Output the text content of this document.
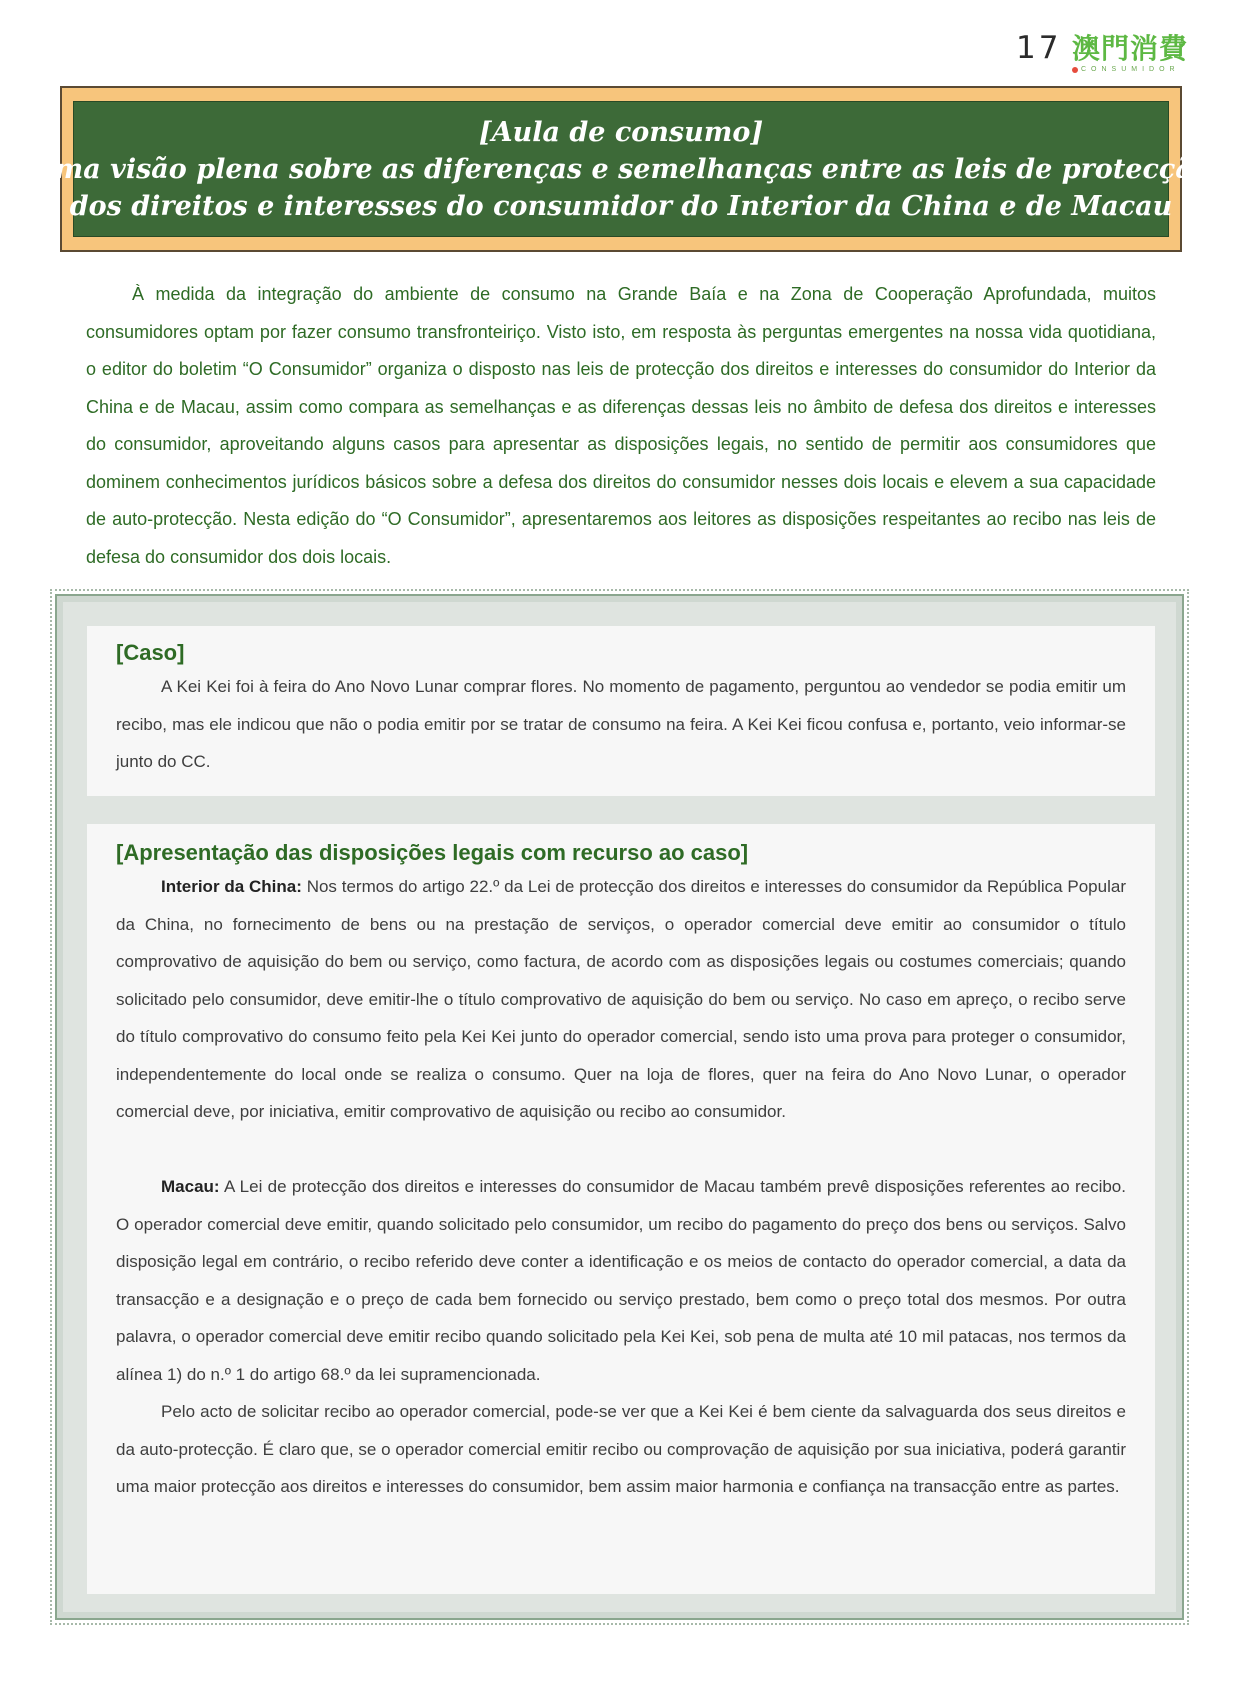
17 澳門消費
CONSUMIDOR
[Aula de consumo]
Uma visão plena sobre as diferenças e semelhanças entre as leis de protecção
dos direitos e interesses do consumidor do Interior da China e de Macau

À medida da integração do ambiente de consumo na Grande Baía e na Zona de Cooperação Aprofundada, muitos consumidores optam por fazer consumo transfronteiriço. Visto isto, em resposta às perguntas emergentes na nossa vida quotidiana, o editor do boletim “O Consumidor” organiza o disposto nas leis de protecção dos direitos e interesses do consumidor do Interior da China e de Macau, assim como compara as semelhanças e as diferenças dessas leis no âmbito de defesa dos direitos e interesses do consumidor, aproveitando alguns casos para apresentar as disposições legais, no sentido de permitir aos consumidores que dominem conhecimentos jurídicos básicos sobre a defesa dos direitos do consumidor nesses dois locais e elevem a sua capacidade de auto-protecção. Nesta edição do “O Consumidor”, apresentaremos aos leitores as disposições respeitantes ao recibo nas leis de defesa do consumidor dos dois locais.

[Caso]

A Kei Kei foi à feira do Ano Novo Lunar comprar flores. No momento de pagamento, perguntou ao vendedor se podia emitir um recibo, mas ele indicou que não o podia emitir por se tratar de consumo na feira. A Kei Kei ficou confusa e, portanto, veio informar-se junto do CC.

[Apresentação das disposições legais com recurso ao caso]

Interior da China: Nos termos do artigo 22.º da Lei de protecção dos direitos e interesses do consumidor da República Popular da China, no fornecimento de bens ou na prestação de serviços, o operador comercial deve emitir ao consumidor o título comprovativo de aquisição do bem ou serviço, como factura, de acordo com as disposições legais ou costumes comerciais; quando solicitado pelo consumidor, deve emitir-lhe o título comprovativo de aquisição do bem ou serviço. No caso em apreço, o recibo serve do título comprovativo do consumo feito pela Kei Kei junto do operador comercial, sendo isto uma prova para proteger o consumidor, independentemente do local onde se realiza o consumo. Quer na loja de flores, quer na feira do Ano Novo Lunar, o operador comercial deve, por iniciativa, emitir comprovativo de aquisição ou recibo ao consumidor.

Macau: A Lei de protecção dos direitos e interesses do consumidor de Macau também prevê disposições referentes ao recibo. O operador comercial deve emitir, quando solicitado pelo consumidor, um recibo do pagamento do preço dos bens ou serviços. Salvo disposição legal em contrário, o recibo referido deve conter a identificação e os meios de contacto do operador comercial, a data da transacção e a designação e o preço de cada bem fornecido ou serviço prestado, bem como o preço total dos mesmos. Por outra palavra, o operador comercial deve emitir recibo quando solicitado pela Kei Kei, sob pena de multa até 10 mil patacas, nos termos da alínea 1) do n.º 1 do artigo 68.º da lei supramencionada.

Pelo acto de solicitar recibo ao operador comercial, pode-se ver que a Kei Kei é bem ciente da salvaguarda dos seus direitos e da auto-protecção. É claro que, se o operador comercial emitir recibo ou comprovação de aquisição por sua iniciativa, poderá garantir uma maior protecção aos direitos e interesses do consumidor, bem assim maior harmonia e confiança na transacção entre as partes.
